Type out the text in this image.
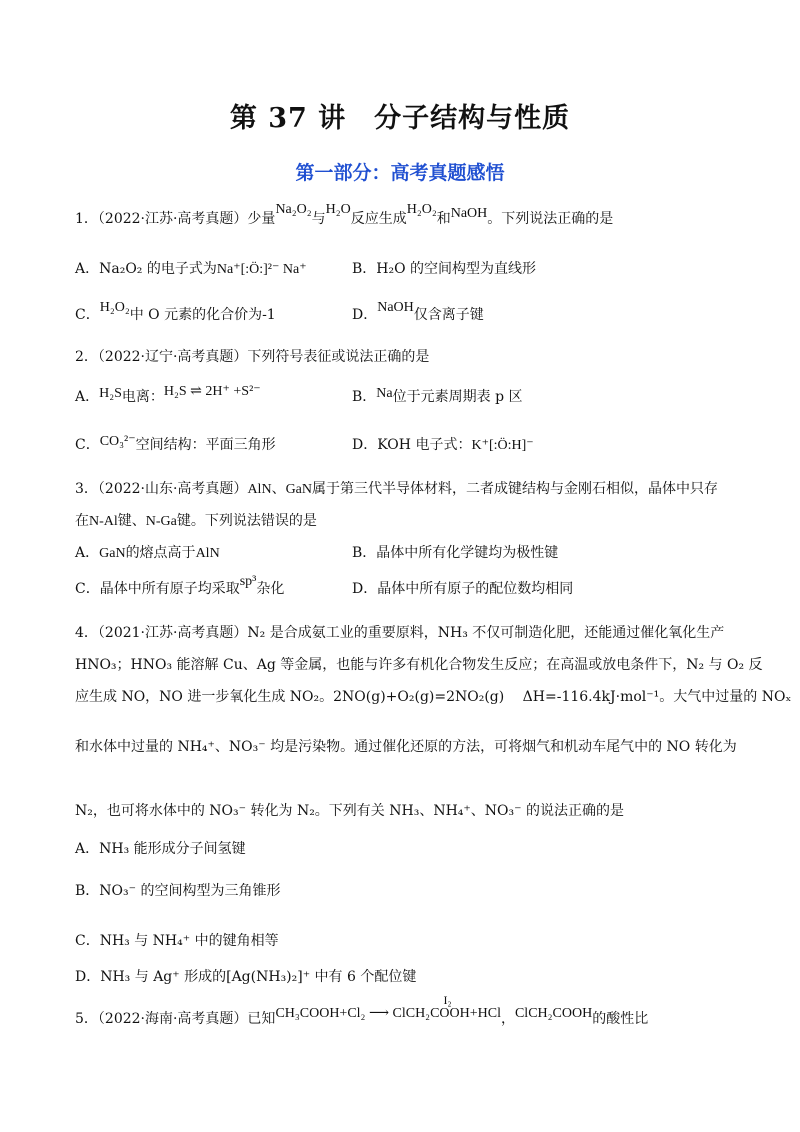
第 37 讲　分子结构与性质
第一部分：高考真题感悟
1．（2022·江苏·高考真题）少量Na₂O₂与H₂O反应生成H₂O₂和NaOH。下列说法正确的是
A．Na₂O₂ 的电子式为Na⁺[:Ö:]²⁻ Na⁺	B．H₂O 的空间构型为直线形
C．H₂O₂中 O 元素的化合价为-1	D．NaOH仅含离子键
2．（2022·辽宁·高考真题）下列符号表征或说法正确的是
A．H₂S电离：H₂S ⇌ 2H⁺ +S²⁻	B．Na位于元素周期表 p 区
C．CO₃²⁻空间结构：平面三角形	D．KOH 电子式：K⁺[:Ö:H]⁻
3．（2022·山东·高考真题）AlN、GaN属于第三代半导体材料，二者成键结构与金刚石相似，晶体中只存
在N-Al键、N-Ga键。下列说法错误的是
A．GaN的熔点高于AlN	B．晶体中所有化学键均为极性键
C．晶体中所有原子均采取sp³杂化	D．晶体中所有原子的配位数均相同
4．（2021·江苏·高考真题）N₂ 是合成氨工业的重要原料，NH₃ 不仅可制造化肥，还能通过催化氧化生产
HNO₃；HNO₃ 能溶解 Cu、Ag 等金属，也能与许多有机化合物发生反应；在高温或放电条件下，N₂ 与 O₂ 反
应生成 NO，NO 进一步氧化生成 NO₂。2NO(g)+O₂(g)=2NO₂(g)　 ΔH=-116.4kJ·mol⁻¹。大气中过量的 NOₓ
和水体中过量的 NH₄⁺、NO₃⁻ 均是污染物。通过催化还原的方法，可将烟气和机动车尾气中的 NO 转化为
N₂，也可将水体中的 NO₃⁻ 转化为 N₂。下列有关 NH₃、NH₄⁺、NO₃⁻ 的说法正确的是
A．NH₃ 能形成分子间氢键
B．NO₃⁻ 的空间构型为三角锥形
C．NH₃ 与 NH₄⁺ 中的键角相等
D．NH₃ 与 Ag⁺ 形成的[Ag(NH₃)₂]⁺ 中有 6 个配位键
5．（2022·海南·高考真题）已知
I₂
CH₃COOH+Cl₂ ⟶ ClCH₂COOH+HCl，ClCH₂COOH的酸性比
